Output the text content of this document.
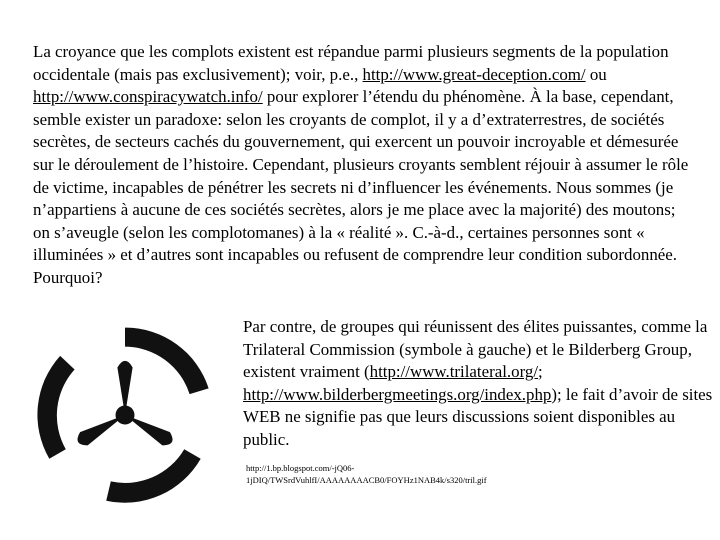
La croyance que les complots existent est répandue parmi plusieurs segments de la population occidentale (mais pas exclusivement); voir, p.e., http://www.great-deception.com/ ou http://www.conspiracywatch.info/ pour explorer l’étendu du phénomène. À la base, cependant, semble exister un paradoxe: selon les croyants de complot, il y a d’extraterrestres, de sociétés secrètes, de secteurs cachés du gouvernement, qui exercent un pouvoir incroyable et démesurée sur le déroulement de l’histoire. Cependant, plusieurs croyants semblent réjouir à assumer le rôle de victime, incapables de pénétrer les secrets ni d’influencer les événements. Nous sommes (je n’appartiens à aucune de ces sociétés secrètes, alors je me place avec la majorité) des moutons; on s’aveugle (selon les complotomanes) à la « réalité ». C.-à-d., certaines personnes sont « illuminées » et d’autres sont incapables ou refusent de comprendre leur condition subordonnée. Pourquoi?

Par contre, de groupes qui réunissent des élites puissantes, comme la Trilateral Commission (symbole à gauche) et le Bilderberg Group, existent vraiment (http://www.trilateral.org/; http://www.bilderbergmeetings.org/index.php); le fait d’avoir de sites WEB ne signifie pas que leurs discussions soient disponibles au public.

http://1.bp.blogspot.com/-jQ06-1jDIQ/TWSrdVuhlfI/AAAAAAAACB0/FOYHz1NAB4k/s320/tril.gif
